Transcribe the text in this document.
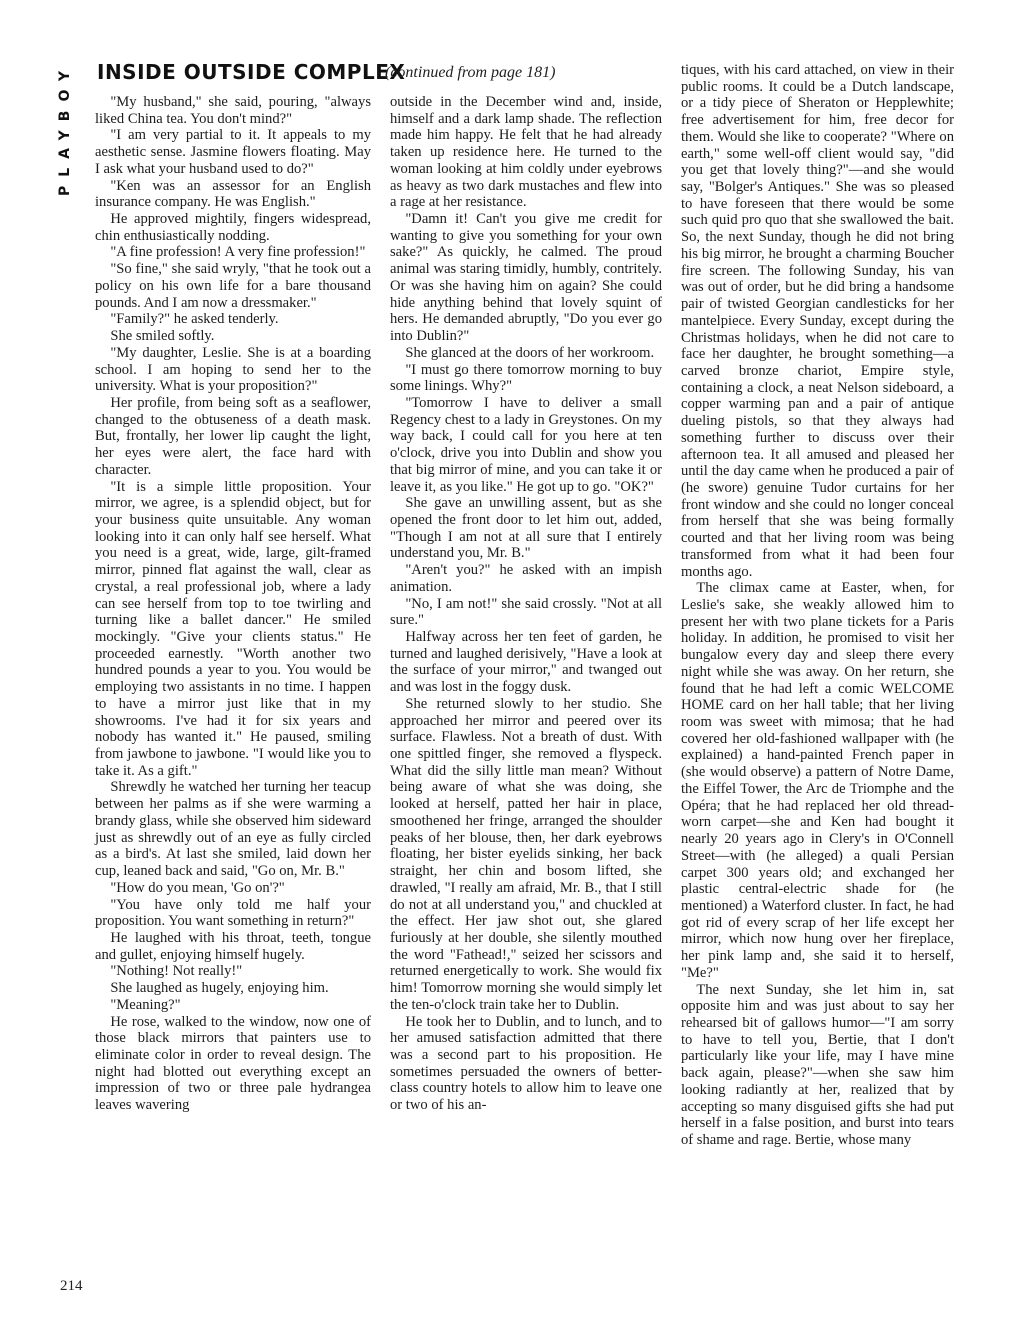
PLAYBOY INSIDE OUTSIDE COMPLEX
(continued from page 181)

"My husband," she said, pouring, "always liked China tea. You don't mind?"

"I am very partial to it. It appeals to my aesthetic sense. Jasmine flowers floating. May I ask what your husband used to do?"

"Ken was an assessor for an English insurance company. He was English."

He approved mightily, fingers widespread, chin enthusiastically nodding.

"A fine profession! A very fine profession!"

"So fine," she said wryly, "that he took out a policy on his own life for a bare thousand pounds. And I am now a dressmaker."

"Family?" he asked tenderly.

She smiled softly.

"My daughter, Leslie. She is at a boarding school. I am hoping to send her to the university. What is your proposition?"

Her profile, from being soft as a seaflower, changed to the obtuseness of a death mask. But, frontally, her lower lip caught the light, her eyes were alert, the face hard with character.

"It is a simple little proposition. Your mirror, we agree, is a splendid object, but for your business quite unsuitable. Any woman looking into it can only half see herself. What you need is a great, wide, large, gilt-framed mirror, pinned flat against the wall, clear as crystal, a real professional job, where a lady can see herself from top to toe twirling and turning like a ballet dancer." He smiled mockingly. "Give your clients status." He proceeded earnestly. "Worth another two hundred pounds a year to you. You would be employing two assistants in no time. I happen to have a mirror just like that in my showrooms. I've had it for six years and nobody has wanted it." He paused, smiling from jawbone to jawbone. "I would like you to take it. As a gift."

Shrewdly he watched her turning her teacup between her palms as if she were warming a brandy glass, while she observed him sideward just as shrewdly out of an eye as fully circled as a bird's. At last she smiled, laid down her cup, leaned back and said, "Go on, Mr. B."

"How do you mean, 'Go on'?"

"You have only told me half your proposition. You want something in return?"

He laughed with his throat, teeth, tongue and gullet, enjoying himself hugely.

"Nothing! Not really!"

She laughed as hugely, enjoying him.

"Meaning?"

He rose, walked to the window, now one of those black mirrors that painters use to eliminate color in order to reveal design. The night had blotted out everything except an impression of two or three pale hydrangea leaves wavering

outside in the December wind and, inside, himself and a dark lamp shade. The reflection made him happy. He felt that he had already taken up residence here. He turned to the woman looking at him coldly under eyebrows as heavy as two dark mustaches and flew into a rage at her resistance.

"Damn it! Can't you give me credit for wanting to give you something for your own sake?" As quickly, he calmed. The proud animal was staring timidly, humbly, contritely. Or was she having him on again? She could hide anything behind that lovely squint of hers. He demanded abruptly, "Do you ever go into Dublin?"

She glanced at the doors of her workroom.

"I must go there tomorrow morning to buy some linings. Why?"

"Tomorrow I have to deliver a small Regency chest to a lady in Greystones. On my way back, I could call for you here at ten o'clock, drive you into Dublin and show you that big mirror of mine, and you can take it or leave it, as you like." He got up to go. "OK?"

She gave an unwilling assent, but as she opened the front door to let him out, added, "Though I am not at all sure that I entirely understand you, Mr. B."

"Aren't you?" he asked with an impish animation.

"No, I am not!" she said crossly. "Not at all sure."

Halfway across her ten feet of garden, he turned and laughed derisively, "Have a look at the surface of your mirror," and twanged out and was lost in the foggy dusk.

She returned slowly to her studio. She approached her mirror and peered over its surface. Flawless. Not a breath of dust. With one spittled finger, she removed a flyspeck. What did the silly little man mean? Without being aware of what she was doing, she looked at herself, patted her hair in place, smoothened her fringe, arranged the shoulder peaks of her blouse, then, her dark eyebrows floating, her bister eyelids sinking, her back straight, her chin and bosom lifted, she drawled, "I really am afraid, Mr. B., that I still do not at all understand you," and chuckled at the effect. Her jaw shot out, she glared furiously at her double, she silently mouthed the word "Fathead!," seized her scissors and returned energetically to work. She would fix him! Tomorrow morning she would simply let the ten-o'clock train take her to Dublin.

He took her to Dublin, and to lunch, and to her amused satisfaction admitted that there was a second part to his proposition. He sometimes persuaded the owners of better-class country hotels to allow him to leave one or two of his an-

tiques, with his card attached, on view in their public rooms. It could be a Dutch landscape, or a tidy piece of Sheraton or Hepplewhite; free advertisement for him, free decor for them. Would she like to cooperate? "Where on earth," some well-off client would say, "did you get that lovely thing?"—and she would say, "Bolger's Antiques." She was so pleased to have foreseen that there would be some such quid pro quo that she swallowed the bait. So, the next Sunday, though he did not bring his big mirror, he brought a charming Boucher fire screen. The following Sunday, his van was out of order, but he did bring a handsome pair of twisted Georgian candlesticks for her mantelpiece. Every Sunday, except during the Christmas holidays, when he did not care to face her daughter, he brought something—a carved bronze chariot, Empire style, containing a clock, a neat Nelson sideboard, a copper warming pan and a pair of antique dueling pistols, so that they always had something further to discuss over their afternoon tea. It all amused and pleased her until the day came when he produced a pair of (he swore) genuine Tudor curtains for her front window and she could no longer conceal from herself that she was being formally courted and that her living room was being transformed from what it had been four months ago.

The climax came at Easter, when, for Leslie's sake, she weakly allowed him to present her with two plane tickets for a Paris holiday. In addition, he promised to visit her bungalow every day and sleep there every night while she was away. On her return, she found that he had left a comic WELCOME HOME card on her hall table; that her living room was sweet with mimosa; that he had covered her old-fashioned wallpaper with (he explained) a hand-painted French paper in (she would observe) a pattern of Notre Dame, the Eiffel Tower, the Arc de Triomphe and the Opéra; that he had replaced her old thread-worn carpet—she and Ken had bought it nearly 20 years ago in Clery's in O'Connell Street—with (he alleged) a quali Persian carpet 300 years old; and exchanged her plastic central-electric shade for (he mentioned) a Waterford cluster. In fact, he had got rid of every scrap of her life except her mirror, which now hung over her fireplace, her pink lamp and, she said it to herself, "Me?"

The next Sunday, she let him in, sat opposite him and was just about to say her rehearsed bit of gallows humor—"I am sorry to have to tell you, Bertie, that I don't particularly like your life, may I have mine back again, please?"—when she saw him looking radiantly at her, realized that by accepting so many disguised gifts she had put herself in a false position, and burst into tears of shame and rage. Bertie, whose many

214
